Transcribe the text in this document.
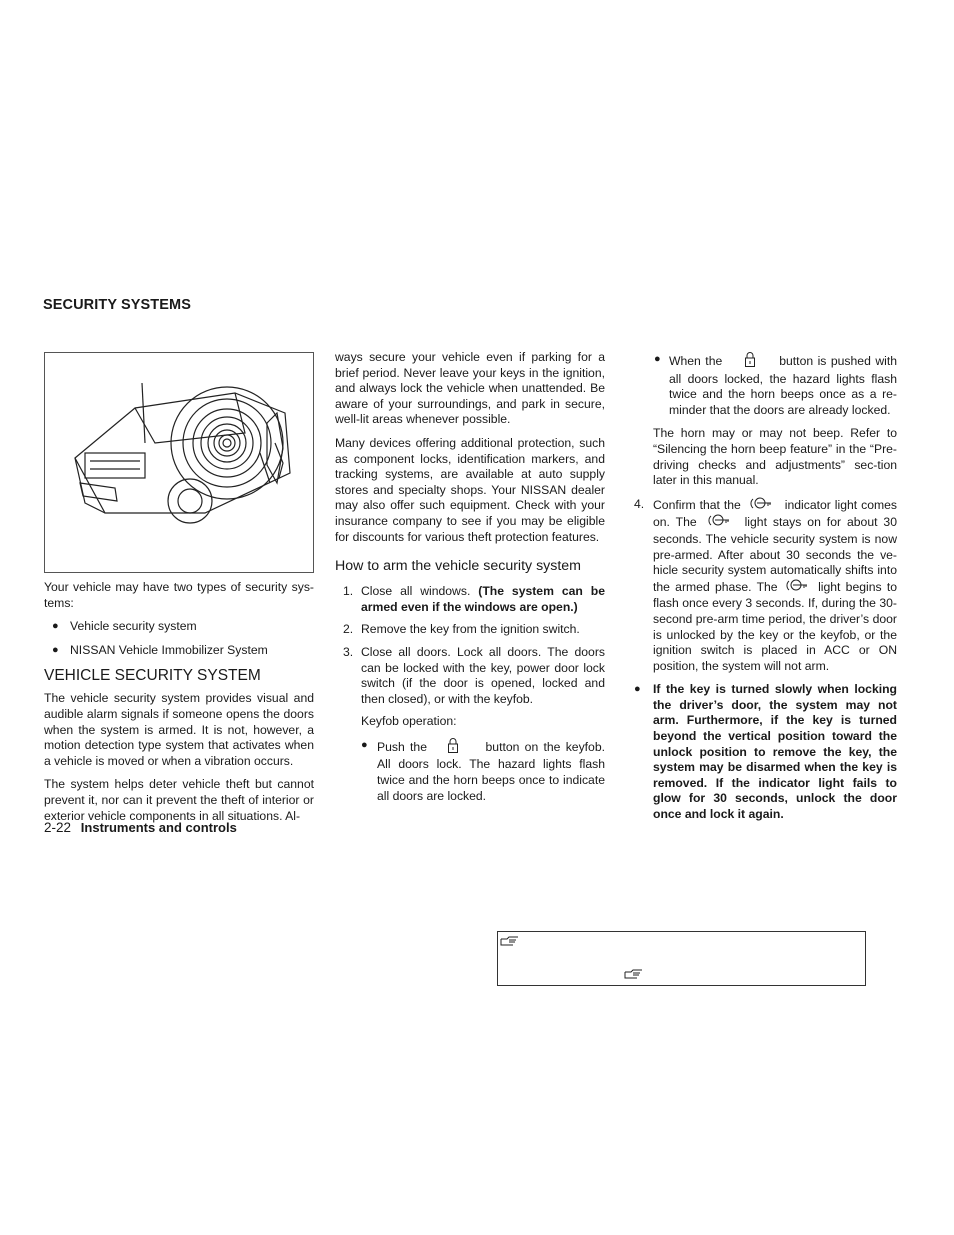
SECURITY SYSTEMS

Your vehicle may have two types of security sys-tems:

● Vehicle security system
● NISSAN Vehicle Immobilizer System
VEHICLE SECURITY SYSTEM

The vehicle security system provides visual and audible alarm signals if someone opens the doors when the system is armed. It is not, however, a motion detection type system that activates when a vehicle is moved or when a vibration occurs.

The system helps deter vehicle theft but cannot prevent it, nor can it prevent the theft of interior or exterior vehicle components in all situations. Al-

ways secure your vehicle even if parking for a brief period. Never leave your keys in the ignition, and always lock the vehicle when unattended. Be aware of your surroundings, and park in secure, well-lit areas whenever possible.

Many devices offering additional protection, such as component locks, identification markers, and tracking systems, are available at auto supply stores and specialty shops. Your NISSAN dealer may also offer such equipment. Check with your insurance company to see if you may be eligible for discounts for various theft protection features.

How to arm the vehicle security system
1. Close all windows. (The system can be armed even if the windows are open.)
2. Remove the key from the ignition switch.
3. Close all doors. Lock all doors. The doors can be locked with the key, power door lock switch (if the door is opened, locked and then closed), or with the keyfob.
Keyfob operation:
● Push the	button on the keyfob. All doors lock. The hazard lights flash twice and the horn beeps once to indicate all doors are locked.
● When the	button is pushed with all doors locked, the hazard lights flash twice and the horn beeps once as a re-minder that the doors are already locked.
The horn may or may not beep. Refer to “Silencing the horn beep feature” in the “Pre-driving checks and adjustments” sec-tion later in this manual.
4. Confirm that the	indicator light comes on. The	light stays on for about 30 seconds. The vehicle security system is now pre-armed. After about 30 seconds the ve-hicle security system automatically shifts into the armed phase. The	light begins to flash once every 3 seconds. If, during the 30-second pre-arm time period, the driver’s door is unlocked by the key or the keyfob, or the ignition switch is placed in ACC or ON position, the system will not arm.
● If the key is turned slowly when locking the driver’s door, the system may not arm. Furthermore, if the key is turned beyond the vertical position toward the unlock position to remove the key, the system may be disarmed when the key is removed. If the indicator light fails to glow for 30 seconds, unlock the door once and lock it again.
2-22 Instruments and controls
